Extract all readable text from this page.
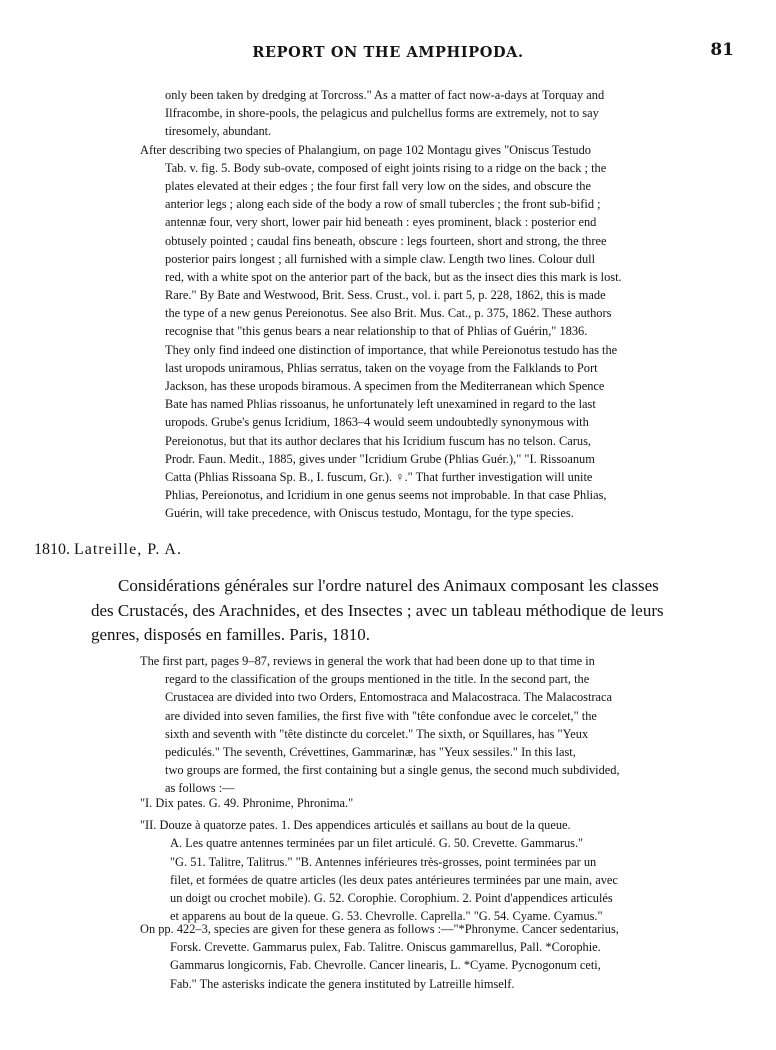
REPORT ON THE AMPHIPODA.	81
only been taken by dredging at Torcross." As a matter of fact now-a-days at Torquay and
Ilfracombe, in shore-pools, the pelagicus and pulchellus forms are extremely, not to say
tiresomely, abundant.
After describing two species of Phalangium, on page 102 Montagu gives "Oniscus Testudo
Tab. v. fig. 5. Body sub-ovate, composed of eight joints rising to a ridge on the back ; the
plates elevated at their edges ; the four first fall very low on the sides, and obscure the
anterior legs ; along each side of the body a row of small tubercles ; the front sub-bifid ;
antennæ four, very short, lower pair hid beneath : eyes prominent, black : posterior end
obtusely pointed ; caudal fins beneath, obscure : legs fourteen, short and strong, the three
posterior pairs longest ; all furnished with a simple claw. Length two lines. Colour dull
red, with a white spot on the anterior part of the back, but as the insect dies this mark is lost.
Rare." By Bate and Westwood, Brit. Sess. Crust., vol. i. part 5, p. 228, 1862, this is made
the type of a new genus Pereionotus. See also Brit. Mus. Cat., p. 375, 1862. These authors
recognise that "this genus bears a near relationship to that of Phlias of Guérin," 1836.
They only find indeed one distinction of importance, that while Pereionotus testudo has the
last uropods uniramous, Phlias serratus, taken on the voyage from the Falklands to Port
Jackson, has these uropods biramous. A specimen from the Mediterranean which Spence
Bate has named Phlias rissoanus, he unfortunately left unexamined in regard to the last
uropods. Grube's genus Icridium, 1863–4 would seem undoubtedly synonymous with
Pereionotus, but that its author declares that his Icridium fuscum has no telson. Carus,
Prodr. Faun. Medit., 1885, gives under "Icridium Grube (Phlias Guér.)," "I. Rissoanum
Catta (Phlias Rissoana Sp. B., I. fuscum, Gr.). ♀." That further investigation will unite
Phlias, Pereionotus, and Icridium in one genus seems not improbable. In that case Phlias,
Guérin, will take precedence, with Oniscus testudo, Montagu, for the type species.
1810. Latreille, P. A.
Considérations générales sur l'ordre naturel des Animaux composant les classes
des Crustacés, des Arachnides, et des Insectes ; avec un tableau méthodique de leurs
genres, disposés en familles. Paris, 1810.
The first part, pages 9–87, reviews in general the work that had been done up to that time in
regard to the classification of the groups mentioned in the title. In the second part, the
Crustacea are divided into two Orders, Entomostraca and Malacostraca. The Malacostraca
are divided into seven families, the first five with "tête confondue avec le corcelet," the
sixth and seventh with "tête distincte du corcelet." The sixth, or Squillares, has "Yeux
pediculés." The seventh, Crévettines, Gammarinæ, has "Yeux sessiles." In this last,
two groups are formed, the first containing but a single genus, the second much subdivided,
as follows :—
"I. Dix pates. G. 49. Phronime, Phronima."
"II. Douze à quatorze pates. 1. Des appendices articulés et saillans au bout de la queue.
A. Les quatre antennes terminées par un filet articulé. G. 50. Crevette. Gammarus."
"G. 51. Talitre, Talitrus." "B. Antennes inférieures très-grosses, point terminées par un
filet, et formées de quatre articles (les deux pates antérieures terminées par une main, avec
un doigt ou crochet mobile). G. 52. Corophie. Corophium. 2. Point d'appendices articulés
et apparens au bout de la queue. G. 53. Chevrolle. Caprella." "G. 54. Cyame. Cyamus."
On pp. 422–3, species are given for these genera as follows :—"*Phronyme. Cancer sedentarius,
Forsk. Crevette. Gammarus pulex, Fab. Talitre. Oniscus gammarellus, Pall. *Corophie.
Gammarus longicornis, Fab. Chevrolle. Cancer linearis, L. *Cyame. Pycnogonum ceti,
Fab." The asterisks indicate the genera instituted by Latreille himself.
